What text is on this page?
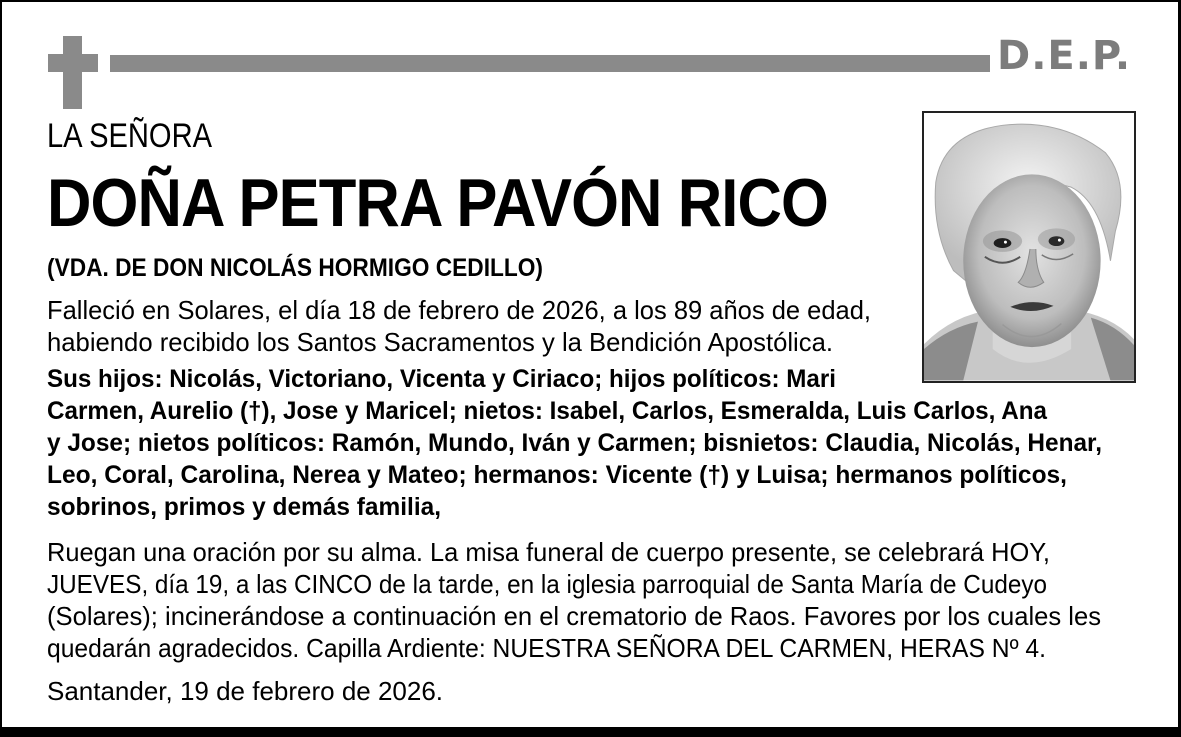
D.E.P.
LA SEÑORA
DOÑA PETRA PAVÓN RICO
(VDA. DE DON NICOLÁS HORMIGO CEDILLO)
Falleció en Solares, el día 18 de febrero de 2026, a los 89 años de edad,
habiendo recibido los Santos Sacramentos y la Bendición Apostólica.
Sus hijos: Nicolás, Victoriano, Vicenta y Ciriaco; hijos políticos: Mari
Carmen, Aurelio (†), Jose y Maricel; nietos: Isabel, Carlos, Esmeralda, Luis Carlos, Ana
y Jose; nietos políticos: Ramón, Mundo, Iván y Carmen; bisnietos: Claudia, Nicolás, Henar,
Leo, Coral, Carolina, Nerea y Mateo; hermanos: Vicente (†) y Luisa; hermanos políticos,
sobrinos, primos y demás familia,
Ruegan una oración por su alma. La misa funeral de cuerpo presente, se celebrará HOY,
JUEVES, día 19, a las CINCO de la tarde, en la iglesia parroquial de Santa María de Cudeyo
(Solares); incinerándose a continuación en el crematorio de Raos. Favores por los cuales les
quedarán agradecidos. Capilla Ardiente: NUESTRA SEÑORA DEL CARMEN, HERAS Nº 4.
Santander, 19 de febrero de 2026.
